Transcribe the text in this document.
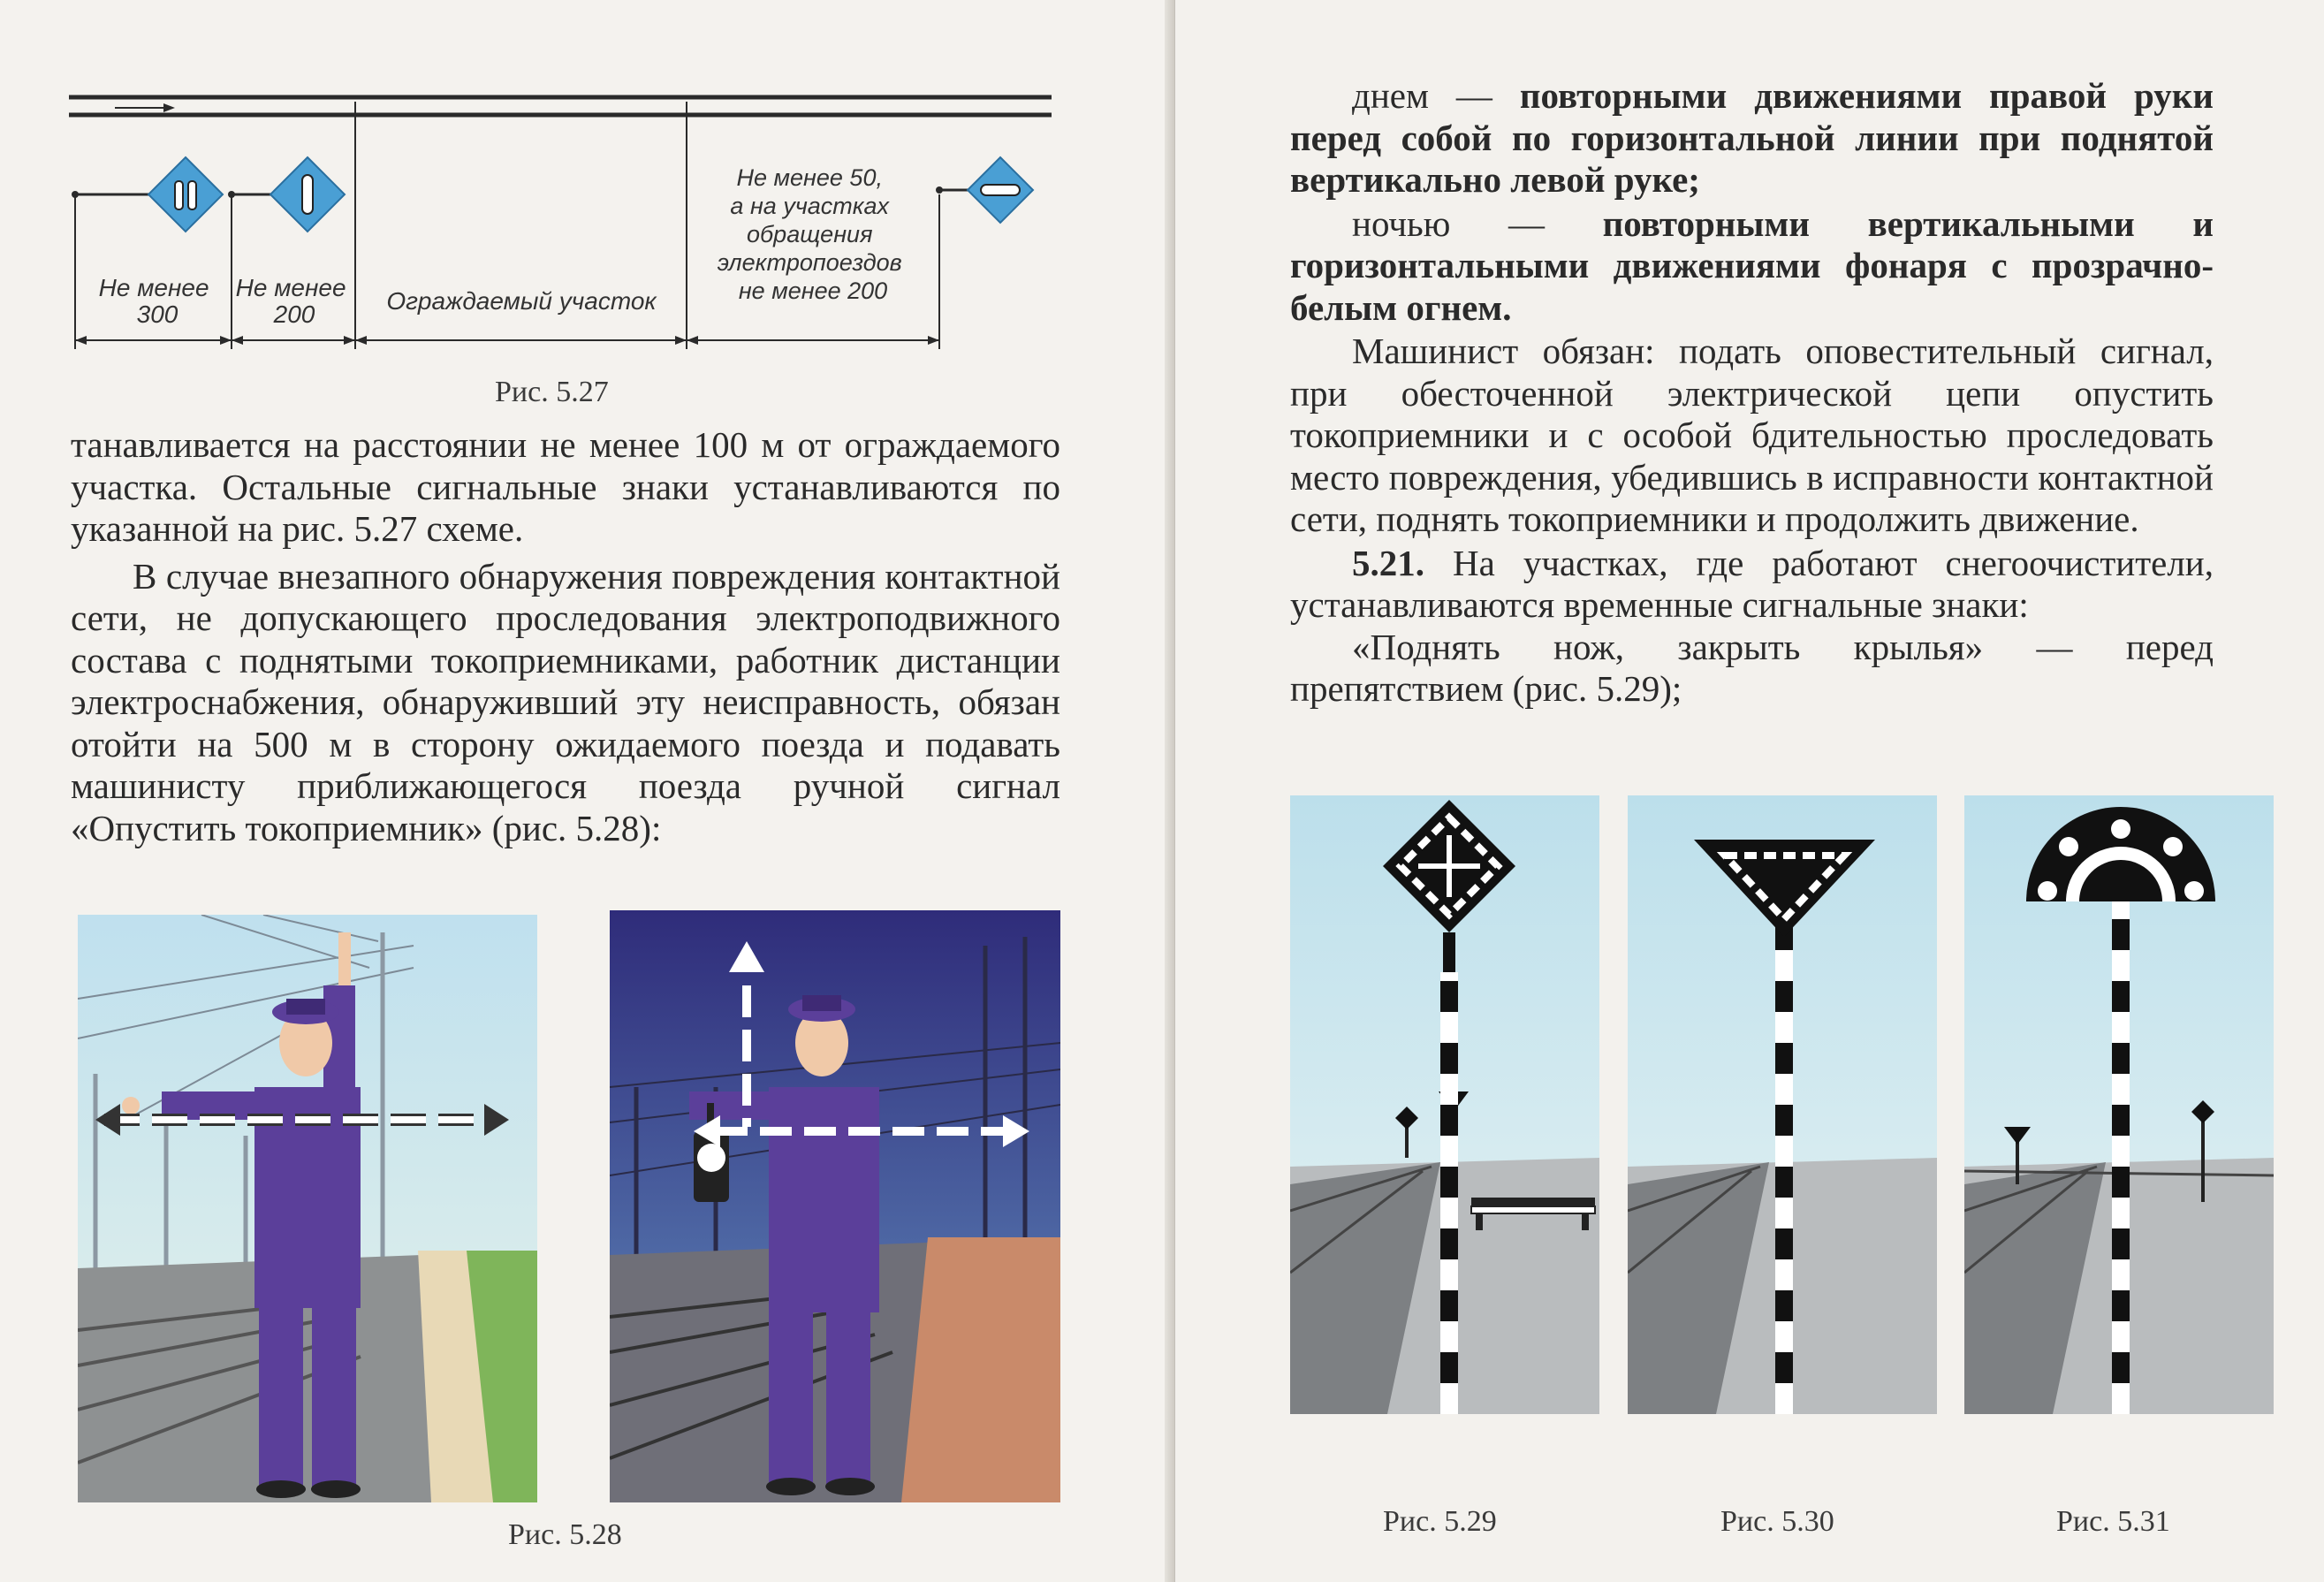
Не менее 300
Не менее 200	Ограждаемый участок
Не менее 50, а на участках обращения электропоездов не менее 200
Рис. 5.27

танавливается на расстоянии не менее 100 м от ограждаемого участка. Остальные сигнальные знаки устанавливаются по указанной на рис. 5.27 схеме.

В случае внезапного обнаружения повреждения контактной сети, не допускающего проследования электроподвижного состава с поднятыми токоприемниками, работник дистанции электроснабжения, обнаруживший эту неисправность, обязан отойти на 500 м в сторону ожидаемого поезда и подавать машинисту приближающегося поезда ручной сигнал «Опустить токоприемник» (рис. 5.28):

Рис. 5.28

днем — повторными движениями правой руки перед собой по горизонтальной линии при поднятой вертикально левой руке;

ночью — повторными вертикальными и горизонтальными движениями фонаря с прозрачно-белым огнем.

Машинист обязан: подать оповестительный сигнал, при обесточенной электрической цепи опустить токоприемники и с особой бдительностью проследовать место повреждения, убедившись в исправности контактной сети, поднять токоприемники и продолжить движение.

5.21. На участках, где работают снегоочистители, устанавливаются временные сигнальные знаки:

«Поднять нож, закрыть крылья» — перед препятствием (рис. 5.29);

Рис. 5.29	Рис. 5.30	Рис. 5.31
